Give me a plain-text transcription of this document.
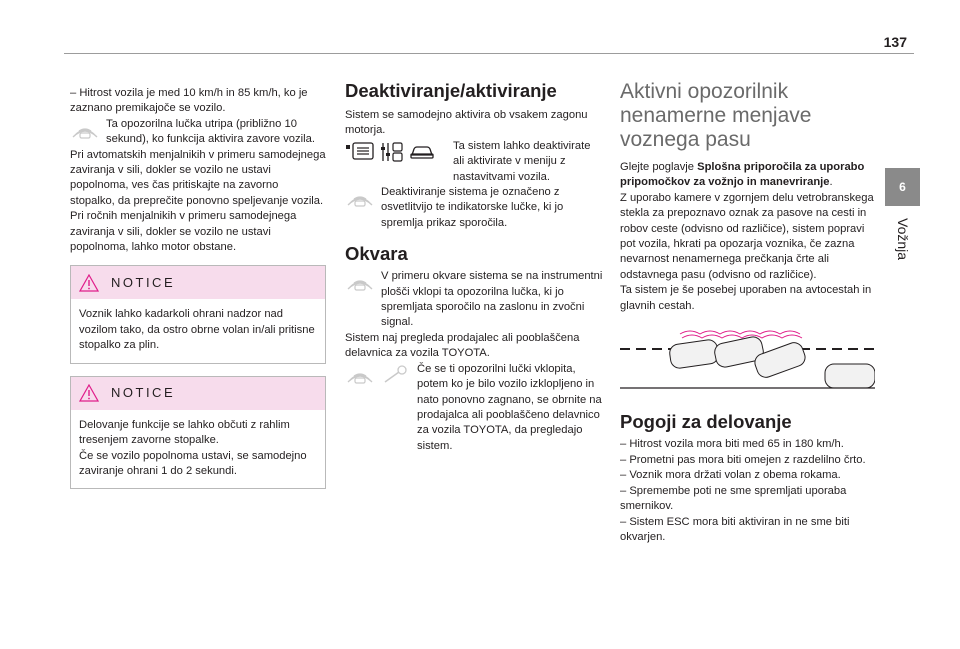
137
6
Vožnja

– Hitrost vozila je med 10 km/h in 85 km/h, ko je zaznano premikajoče se vozilo.

Ta opozorilna lučka utripa (približno 10 sekund), ko funkcija aktivira zavore vozila.

Pri avtomatskih menjalnikih v primeru samodejnega zaviranja v sili, dokler se vozilo ne ustavi popolnoma, ves čas pritiskajte na zavorno stopalko, da preprečite ponovno speljevanje vozila.

Pri ročnih menjalnikih v primeru samodejnega zaviranja v sili, dokler se vozilo ne ustavi popolnoma, lahko motor obstane.

NOTICE

Voznik lahko kadarkoli ohrani nadzor nad vozilom tako, da ostro obrne volan in/ali pritisne stopalko za plin.

NOTICE

Delovanje funkcije se lahko občuti z rahlim tresenjem zavorne stopalke.

Če se vozilo popolnoma ustavi, se samodejno zaviranje ohrani 1 do 2 sekundi.

Deaktiviranje/aktiviranje

Sistem se samodejno aktivira ob vsakem zagonu motorja.

Ta sistem lahko deaktivirate ali aktivirate v meniju z nastavitvami vozila.

Deaktiviranje sistema je označeno z osvetlitvijo te indikatorske lučke, ki jo spremlja prikaz sporočila.

Okvara

V primeru okvare sistema se na instrumentni plošči vklopi ta opozorilna lučka, ki jo spremljata sporočilo na zaslonu in zvočni signal.

Sistem naj pregleda prodajalec ali pooblaščena delavnica za vozila TOYOTA.

Če se ti opozorilni lučki vklopita, potem ko je bilo vozilo izklopljeno in nato ponovno zagnano, se obrnite na prodajalca ali pooblaščeno delavnico za vozila TOYOTA, da pregledajo sistem.

Aktivni opozorilnik nenamerne menjave voznega pasu

Glejte poglavje Splošna priporočila za uporabo pripomočkov za vožnjo in manevriranje.

Z uporabo kamere v zgornjem delu vetrobranskega stekla za prepoznavo oznak za pasove na cesti in robov ceste (odvisno od različice), sistem popravi pot vozila, hkrati pa opozarja voznika, če zazna nevarnost nenamernega prečkanja črte ali odstavnega pasu (odvisno od različice).

Ta sistem je še posebej uporaben na avtocestah in glavnih cestah.

Pogoji za delovanje

– Hitrost vozila mora biti med 65 in 180 km/h.

– Prometni pas mora biti omejen z razdelilno črto.

– Voznik mora držati volan z obema rokama.

– Spremembe poti ne sme spremljati uporaba smernikov.

– Sistem ESC mora biti aktiviran in ne sme biti okvarjen.
